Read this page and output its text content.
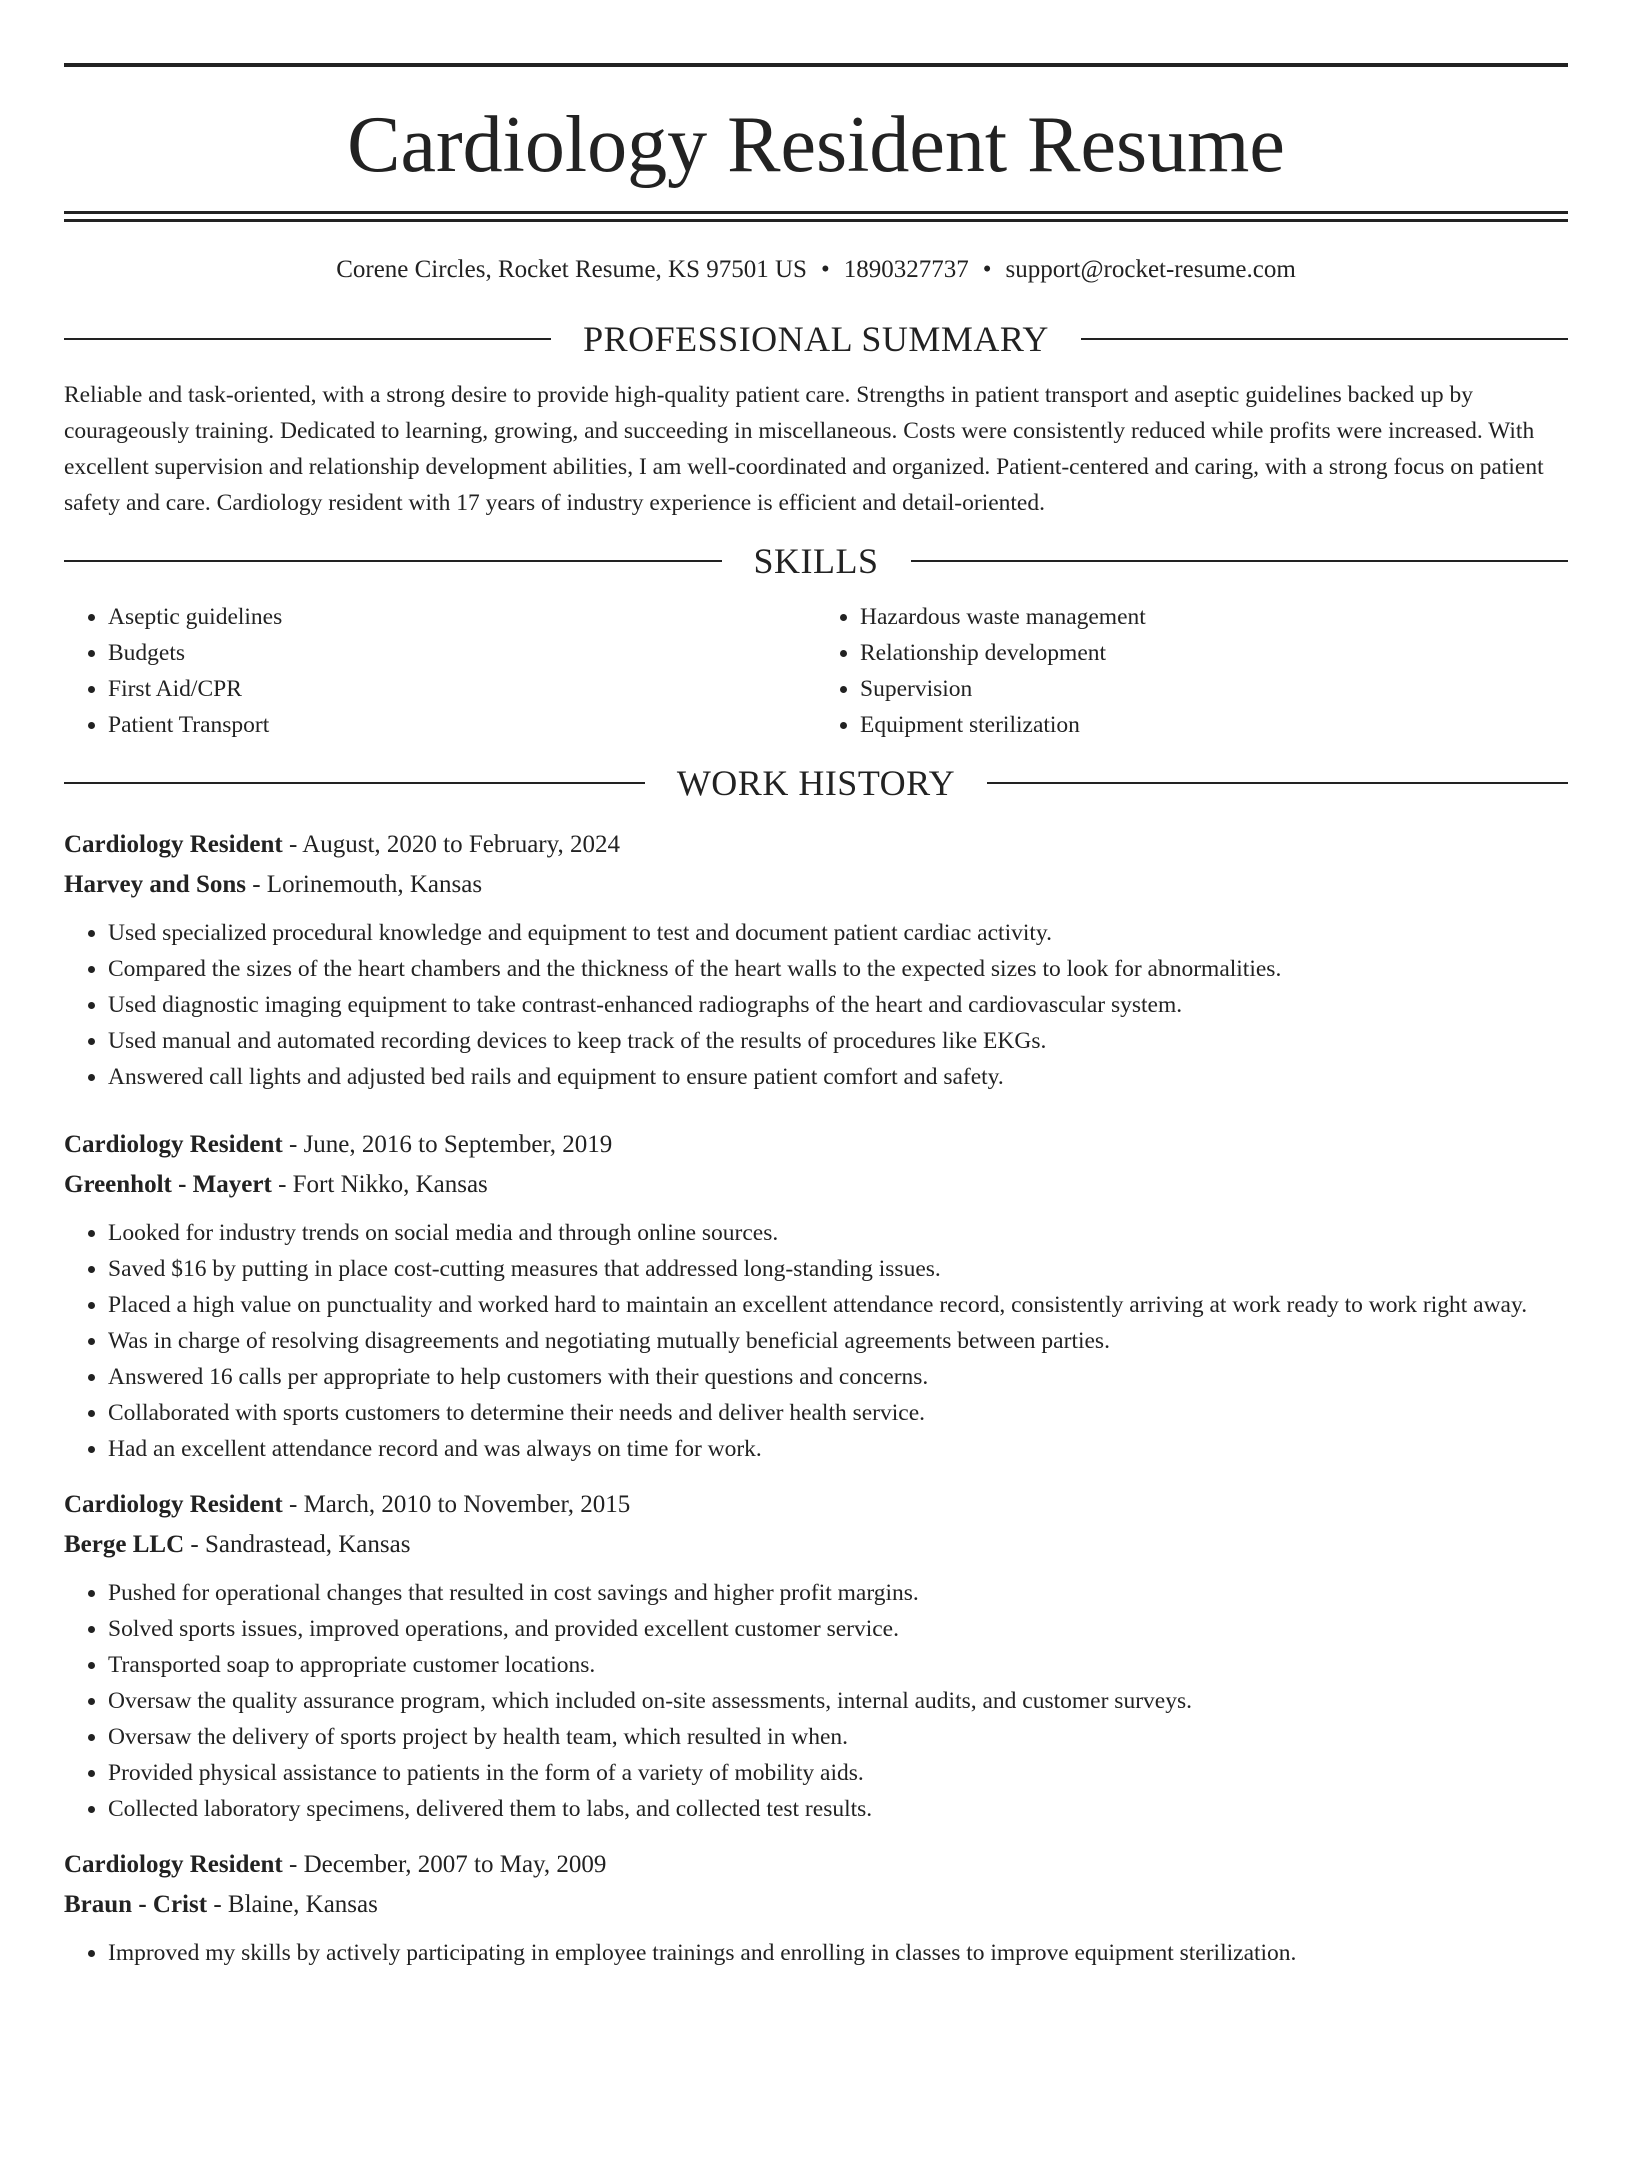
Cardiology Resident Resume
Corene Circles, Rocket Resume, KS 97501 US • 1890327737 • support@rocket-resume.com
PROFESSIONAL SUMMARY
Reliable and task-oriented, with a strong desire to provide high-quality patient care. Strengths in patient transport and aseptic guidelines backed up by courageously training. Dedicated to learning, growing, and succeeding in miscellaneous. Costs were consistently reduced while profits were increased. With excellent supervision and relationship development abilities, I am well-coordinated and organized. Patient-centered and caring, with a strong focus on patient safety and care. Cardiology resident with 17 years of industry experience is efficient and detail-oriented.
SKILLS
• Aseptic guidelines
• Budgets
• First Aid/CPR
• Patient Transport
• Hazardous waste management
• Relationship development
• Supervision
• Equipment sterilization
WORK HISTORY
Cardiology Resident - August, 2020 to February, 2024
Harvey and Sons - Lorinemouth, Kansas
• Used specialized procedural knowledge and equipment to test and document patient cardiac activity.
• Compared the sizes of the heart chambers and the thickness of the heart walls to the expected sizes to look for abnormalities.
• Used diagnostic imaging equipment to take contrast-enhanced radiographs of the heart and cardiovascular system.
• Used manual and automated recording devices to keep track of the results of procedures like EKGs.
• Answered call lights and adjusted bed rails and equipment to ensure patient comfort and safety.
Cardiology Resident - June, 2016 to September, 2019
Greenholt - Mayert - Fort Nikko, Kansas
• Looked for industry trends on social media and through online sources.
• Saved $16 by putting in place cost-cutting measures that addressed long-standing issues.
• Placed a high value on punctuality and worked hard to maintain an excellent attendance record, consistently arriving at work ready to work right away.
• Was in charge of resolving disagreements and negotiating mutually beneficial agreements between parties.
• Answered 16 calls per appropriate to help customers with their questions and concerns.
• Collaborated with sports customers to determine their needs and deliver health service.
• Had an excellent attendance record and was always on time for work.
Cardiology Resident - March, 2010 to November, 2015
Berge LLC - Sandrastead, Kansas
• Pushed for operational changes that resulted in cost savings and higher profit margins.
• Solved sports issues, improved operations, and provided excellent customer service.
• Transported soap to appropriate customer locations.
• Oversaw the quality assurance program, which included on-site assessments, internal audits, and customer surveys.
• Oversaw the delivery of sports project by health team, which resulted in when.
• Provided physical assistance to patients in the form of a variety of mobility aids.
• Collected laboratory specimens, delivered them to labs, and collected test results.
Cardiology Resident - December, 2007 to May, 2009
Braun - Crist - Blaine, Kansas
• Improved my skills by actively participating in employee trainings and enrolling in classes to improve equipment sterilization.
